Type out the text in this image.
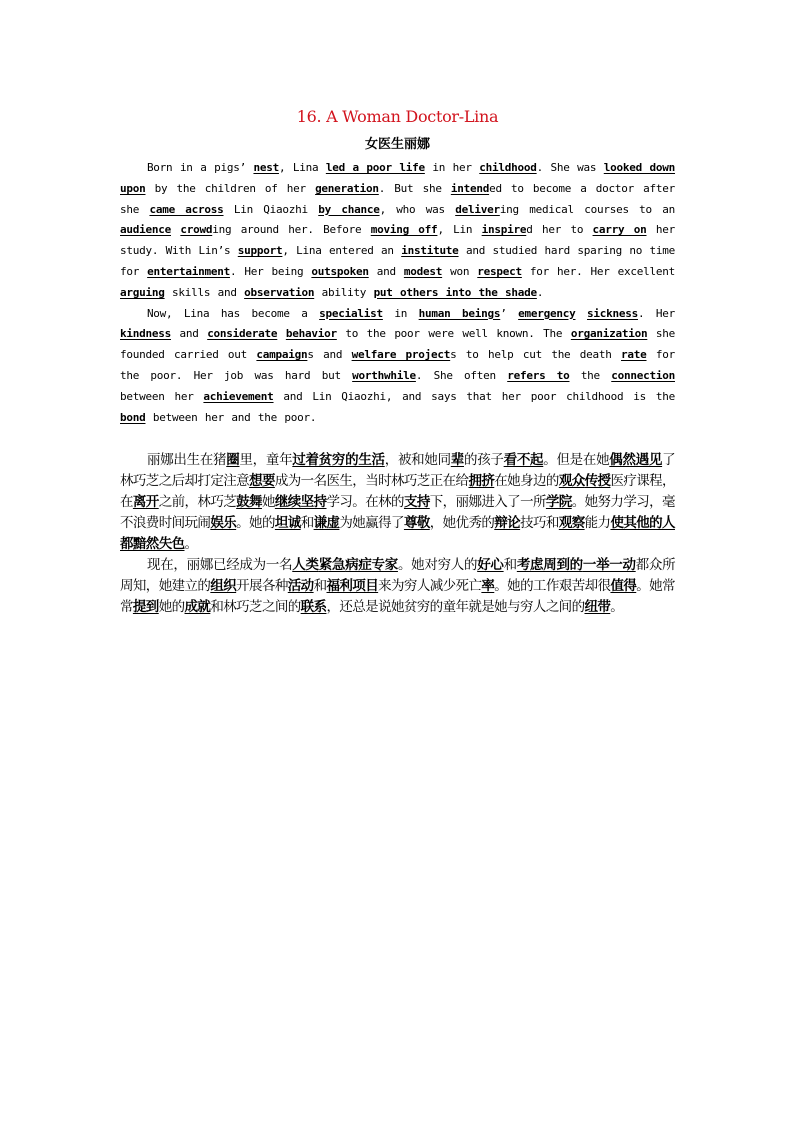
16. A Woman Doctor-Lina
女医生丽娜

Born in a pigs’ nest, Lina led a poor life in her childhood. She was looked down upon by the children of her generation. But she intended to become a doctor after she came across Lin Qiaozhi by chance, who was delivering medical courses to an audience crowding around her. Before moving off, Lin inspired her to carry on her study. With Lin’s support, Lina entered an institute and studied hard sparing no time for entertainment. Her being outspoken and modest won respect for her. Her excellent arguing skills and observation ability put others into the shade.

Now, Lina has become a specialist in human beings’ emergency sickness. Her kindness and considerate behavior to the poor were well known. The organization she founded carried out campaigns and welfare projects to help cut the death rate for the poor. Her job was hard but worthwhile. She often refers to the connection between her achievement and Lin Qiaozhi, and says that her poor childhood is the bond between her and the poor.

丽娜出生在猪圈里，童年过着贫穷的生活，被和她同辈的孩子看不起。但是在她偶然遇见了林巧芝之后却打定注意想要成为一名医生，当时林巧芝正在给拥挤在她身边的观众传授医疗课程，在离开之前，林巧芝鼓舞她继续坚持学习。在林的支持下，丽娜进入了一所学院。她努力学习，毫不浪费时间玩闹娱乐。她的坦诚和谦虚为她赢得了尊敬，她优秀的辩论技巧和观察能力使其他的人都黯然失色。

现在，丽娜已经成为一名人类紧急病症专家。她对穷人的好心和考虑周到的一举一动都众所周知，她建立的组织开展各种活动和福利项目来为穷人减少死亡率。她的工作艰苦却很值得。她常常提到她的成就和林巧芝之间的联系，还总是说她贫穷的童年就是她与穷人之间的纽带。
